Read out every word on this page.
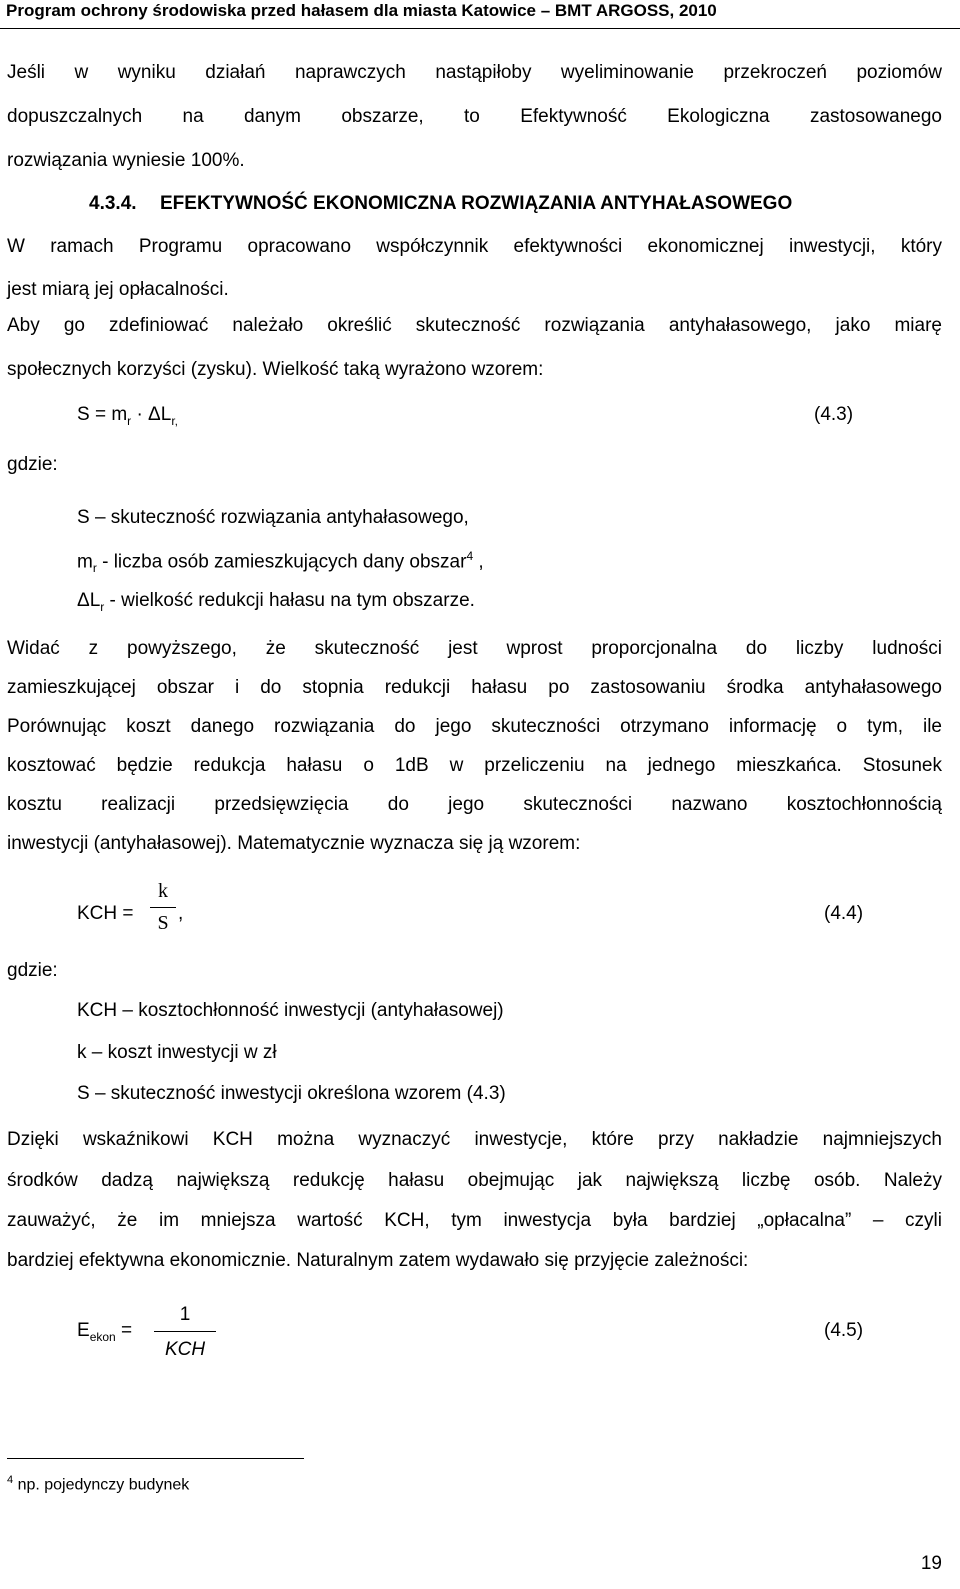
Program ochrony środowiska przed hałasem dla miasta Katowice – BMT ARGOSS, 2010
Jeśli w wyniku działań naprawczych nastąpiłoby wyeliminowanie przekroczeń poziomów
dopuszczalnych na danym obszarze, to Efektywność Ekologiczna zastosowanego
rozwiązania wyniesie 100%.
4.3.4. EFEKTYWNOŚĆ EKONOMICZNA ROZWIĄZANIA ANTYHAŁASOWEGO
W ramach Programu opracowano współczynnik efektywności ekonomicznej inwestycji, który
jest miarą jej opłacalności.
Aby go zdefiniować należało określić skuteczność rozwiązania antyhałasowego, jako miarę
społecznych korzyści (zysku). Wielkość taką wyrażono wzorem:
$S = m_r \cdot \Delta L_{r,}$	(4.3)
gdzie:
S – skuteczność rozwiązania antyhałasowego,
$m_r$ - liczba osób zamieszkujących dany obszar$^4$ ,
$\Delta L_r$ - wielkość redukcji hałasu na tym obszarze.
Widać z powyższego, że skuteczność jest wprost proporcjonalna do liczby ludności
zamieszkującej obszar i do stopnia redukcji hałasu po zastosowaniu środka antyhałasowego
Porównując koszt danego rozwiązania do jego skuteczności otrzymano informację o tym, ile
kosztować będzie redukcja hałasu o 1dB w przeliczeniu na jednego mieszkańca. Stosunek
kosztu realizacji przedsięwzięcia do jego skuteczności nazwano kosztochłonnością
inwestycji (antyhałasowej). Matematycznie wyznacza się ją wzorem:
KCH =
k
S ,	(4.4)
gdzie:
KCH – kosztochłonność inwestycji (antyhałasowej)
k – koszt inwestycji w zł
S – skuteczność inwestycji określona wzorem (4.3)
Dzięki wskaźnikowi KCH można wyznaczyć inwestycje, które przy nakładzie najmniejszych
środków dadzą największą redukcję hałasu obejmując jak największą liczbę osób. Należy
zauważyć, że im mniejsza wartość KCH, tym inwestycja była bardziej „opłacalna” – czyli
bardziej efektywna ekonomicznie. Naturalnym zatem wydawało się przyjęcie zależności:
$E_{ekon}$ =
1
KCH
(4.5)
$^4$ np. pojedynczy budynek
19
